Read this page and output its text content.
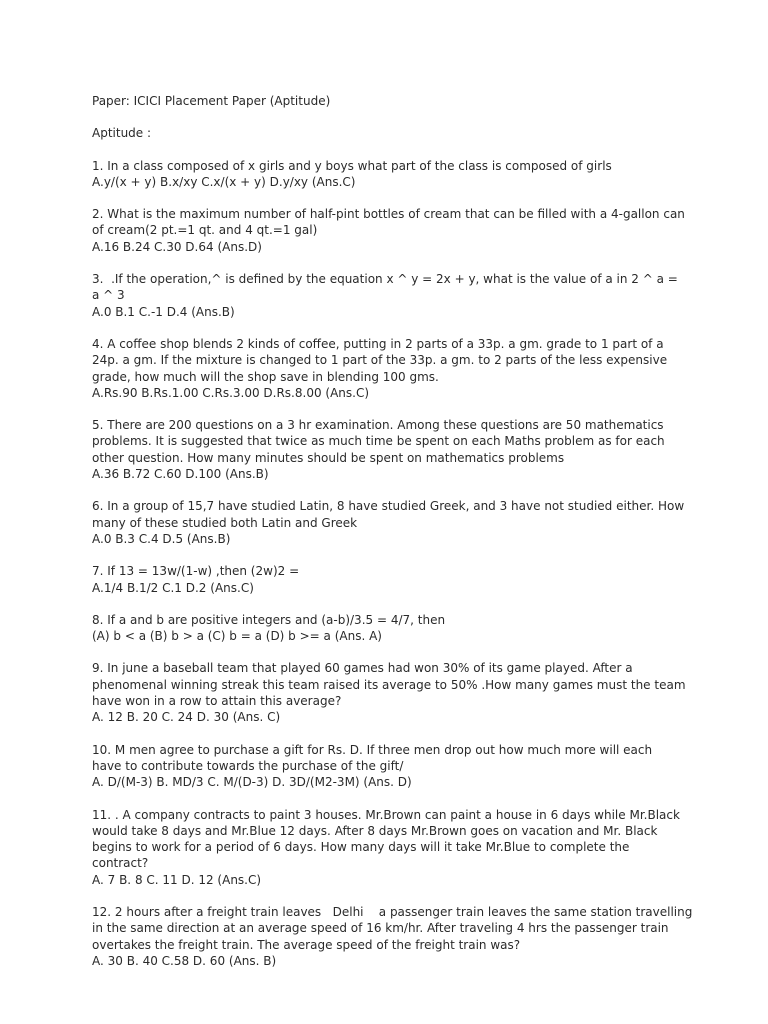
Paper: ICICI Placement Paper (Aptitude)

Aptitude :

1. In a class composed of x girls and y boys what part of the class is composed of girls

A.y/(x + y) B.x/xy C.x/(x + y) D.y/xy (Ans.C)

2. What is the maximum number of half-pint bottles of cream that can be filled with a 4-gallon can

of cream(2 pt.=1 qt. and 4 qt.=1 gal)

A.16 B.24 C.30 D.64 (Ans.D)

3.  .If the operation,^ is defined by the equation x ^ y = 2x + y, what is the value of a in 2 ^ a =

a ^ 3

A.0 B.1 C.-1 D.4 (Ans.B)

4. A coffee shop blends 2 kinds of coffee, putting in 2 parts of a 33p. a gm. grade to 1 part of a

24p. a gm. If the mixture is changed to 1 part of the 33p. a gm. to 2 parts of the less expensive

grade, how much will the shop save in blending 100 gms.

A.Rs.90 B.Rs.1.00 C.Rs.3.00 D.Rs.8.00 (Ans.C)

5. There are 200 questions on a 3 hr examination. Among these questions are 50 mathematics

problems. It is suggested that twice as much time be spent on each Maths problem as for each

other question. How many minutes should be spent on mathematics problems

A.36 B.72 C.60 D.100 (Ans.B)

6. In a group of 15,7 have studied Latin, 8 have studied Greek, and 3 have not studied either. How

many of these studied both Latin and Greek

A.0 B.3 C.4 D.5 (Ans.B)

7. If 13 = 13w/(1-w) ,then (2w)2 =

A.1/4 B.1/2 C.1 D.2 (Ans.C)

8. If a and b are positive integers and (a-b)/3.5 = 4/7, then

(A) b < a (B) b > a (C) b = a (D) b >= a (Ans. A)

9. In june a baseball team that played 60 games had won 30% of its game played. After a

phenomenal winning streak this team raised its average to 50% .How many games must the team

have won in a row to attain this average?

A. 12 B. 20 C. 24 D. 30 (Ans. C)

10. M men agree to purchase a gift for Rs. D. If three men drop out how much more will each

have to contribute towards the purchase of the gift/

A. D/(M-3) B. MD/3 C. M/(D-3) D. 3D/(M2-3M) (Ans. D)

11. . A company contracts to paint 3 houses. Mr.Brown can paint a house in 6 days while Mr.Black

would take 8 days and Mr.Blue 12 days. After 8 days Mr.Brown goes on vacation and Mr. Black

begins to work for a period of 6 days. How many days will it take Mr.Blue to complete the

contract?

A. 7 B. 8 C. 11 D. 12 (Ans.C)

12. 2 hours after a freight train leaves   Delhi    a passenger train leaves the same station travelling

in the same direction at an average speed of 16 km/hr. After traveling 4 hrs the passenger train

overtakes the freight train. The average speed of the freight train was?

A. 30 B. 40 C.58 D. 60 (Ans. B)
